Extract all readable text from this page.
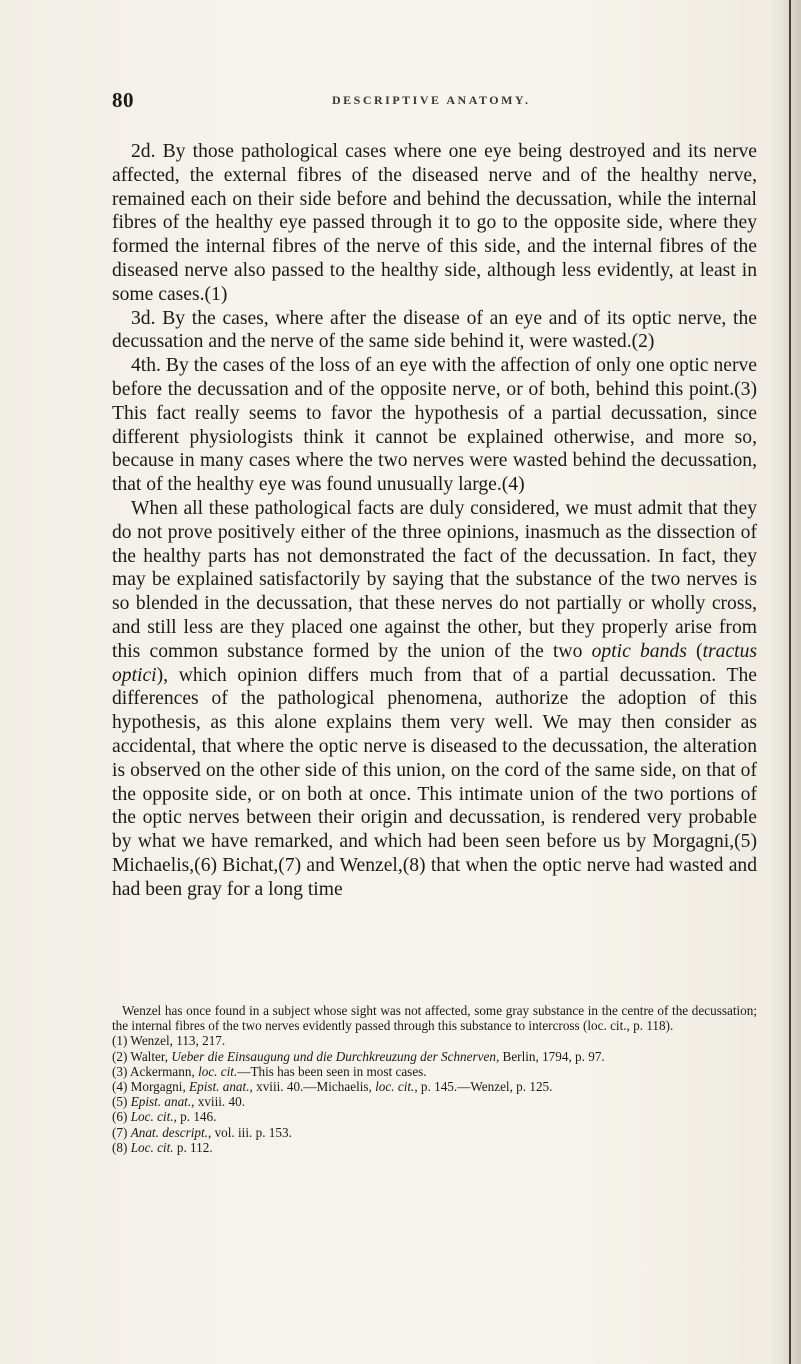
80	DESCRIPTIVE ANATOMY.

2d. By those pathological cases where one eye being destroyed and its nerve affected, the external fibres of the diseased nerve and of the healthy nerve, remained each on their side before and behind the decussation, while the internal fibres of the healthy eye passed through it to go to the opposite side, where they formed the internal fibres of the nerve of this side, and the internal fibres of the diseased nerve also passed to the healthy side, although less evidently, at least in some cases.(1)

3d. By the cases, where after the disease of an eye and of its optic nerve, the decussation and the nerve of the same side behind it, were wasted.(2)

4th. By the cases of the loss of an eye with the affection of only one optic nerve before the decussation and of the opposite nerve, or of both, behind this point.(3) This fact really seems to favor the hypothesis of a partial decussation, since different physiologists think it cannot be explained otherwise, and more so, because in many cases where the two nerves were wasted behind the decussation, that of the healthy eye was found unusually large.(4)

When all these pathological facts are duly considered, we must admit that they do not prove positively either of the three opinions, inasmuch as the dissection of the healthy parts has not demonstrated the fact of the decussation. In fact, they may be explained satisfactorily by saying that the substance of the two nerves is so blended in the decussation, that these nerves do not partially or wholly cross, and still less are they placed one against the other, but they properly arise from this common substance formed by the union of the two optic bands (tractus optici), which opinion differs much from that of a partial decussation. The differences of the pathological phenomena, authorize the adoption of this hypothesis, as this alone explains them very well. We may then consider as accidental, that where the optic nerve is diseased to the decussation, the alteration is observed on the other side of this union, on the cord of the same side, on that of the opposite side, or on both at once. This intimate union of the two portions of the optic nerves between their origin and decussation, is rendered very probable by what we have remarked, and which had been seen before us by Morgagni,(5) Michaelis,(6) Bichat,(7) and Wenzel,(8) that when the optic nerve had wasted and had been gray for a long time

Wenzel has once found in a subject whose sight was not affected, some gray substance in the centre of the decussation; the internal fibres of the two nerves evidently passed through this substance to intercross (loc. cit., p. 118).

(1) Wenzel, 113, 217.

(2) Walter, Ueber die Einsaugung und die Durchkreuzung der Schnerven, Berlin, 1794, p. 97.

(3) Ackermann, loc. cit.—This has been seen in most cases.

(4) Morgagni, Epist. anat., xviii. 40.—Michaelis, loc. cit., p. 145.—Wenzel, p. 125.

(5) Epist. anat., xviii. 40.

(6) Loc. cit., p. 146.

(7) Anat. descript., vol. iii. p. 153.

(8) Loc. cit. p. 112.
